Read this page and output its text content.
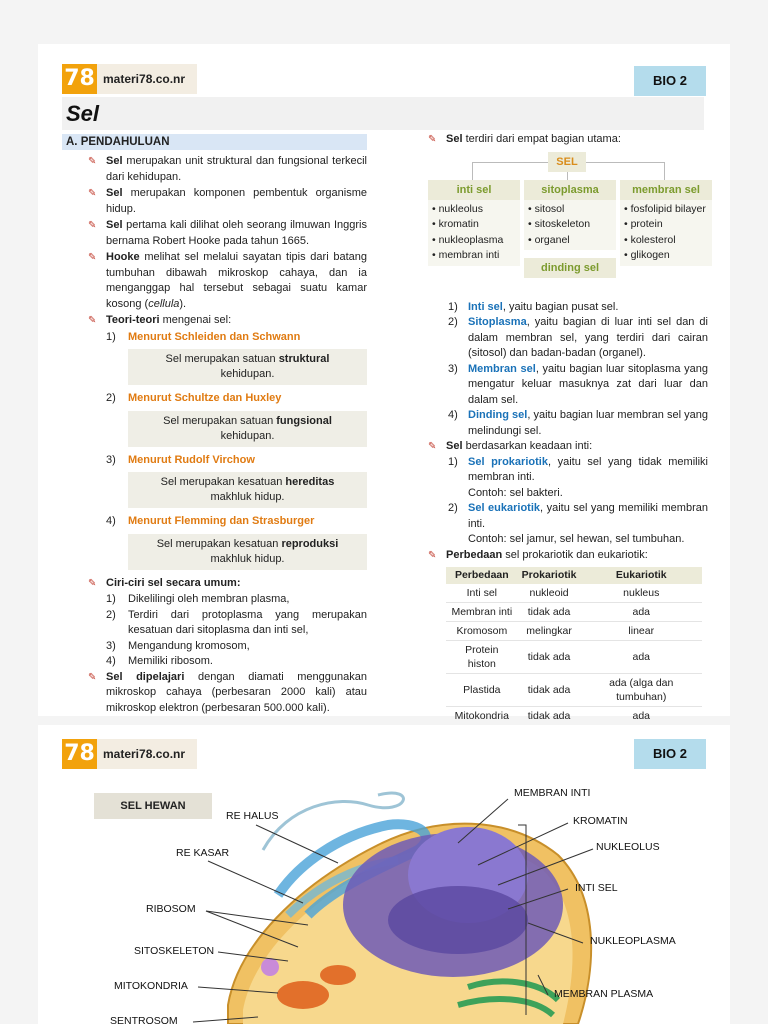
78 materi78.co.nr	BIO 2
Sel
A. PENDAHULUAN
✎ Sel merupakan unit struktural dan fungsional terkecil dari kehidupan.
✎ Sel merupakan komponen pembentuk organisme hidup.
✎ Sel pertama kali dilihat oleh seorang ilmuwan Inggris bernama Robert Hooke pada tahun 1665.
✎ Hooke melihat sel melalui sayatan tipis dari batang tumbuhan dibawah mikroskop cahaya, dan ia menganggap hal tersebut sebagai suatu kamar kosong (cellula).
✎ Teori-teori mengenai sel:
1) Menurut Schleiden dan Schwann
Sel merupakan satuan struktural
kehidupan.
2) Menurut Schultze dan Huxley
Sel merupakan satuan fungsional
kehidupan.
3) Menurut Rudolf Virchow
Sel merupakan kesatuan hereditas
makhluk hidup.
4) Menurut Flemming dan Strasburger
Sel merupakan kesatuan reproduksi
makhluk hidup.
✎ Ciri-ciri sel secara umum:
1) Dikelilingi oleh membran plasma,
2) Terdiri dari protoplasma yang merupakan kesatuan dari sitoplasma dan inti sel,
3) Mengandung kromosom,
4) Memiliki ribosom.
✎ Sel dipelajari dengan diamati menggunakan mikroskop cahaya (perbesaran 2000 kali) atau mikroskop elektron (perbesaran 500.000 kali).
✎ Sel terdiri dari empat bagian utama:
SEL
inti sel
• nukleolus
• kromatin
• nukleoplasma
• membran inti
sitoplasma
• sitosol
• sitoskeleton
• organel
dinding sel
membran sel
• fosfolipid bilayer
• protein
• kolesterol
• glikogen
1) Inti sel, yaitu bagian pusat sel.
2) Sitoplasma, yaitu bagian di luar inti sel dan di dalam membran sel, yang terdiri dari cairan (sitosol) dan badan-badan (organel).
3) Membran sel, yaitu bagian luar sitoplasma yang mengatur keluar masuknya zat dari luar dan dalam sel.
4) Dinding sel, yaitu bagian luar membran sel yang melindungi sel.
✎ Sel berdasarkan keadaan inti:
1) Sel prokariotik, yaitu sel yang tidak memiliki membran inti.
Contoh: sel bakteri.
2) Sel eukariotik, yaitu sel yang memiliki membran inti.
Contoh: sel jamur, sel hewan, sel tumbuhan.
✎ Perbedaan sel prokariotik dan eukariotik:
Perbedaan	Prokariotik	Eukariotik
Inti sel	nukleoid	nukleus
Membran inti	tidak ada	ada
Kromosom	melingkar	linear
Protein histon	tidak ada	ada
Plastida	tidak ada	ada (alga dan tumbuhan)
Mitokondria	tidak ada	ada
78 materi78.co.nr	BIO 2
SEL HEWAN
RE HALUS
RE KASAR
RIBOSOM
SITOSKELETON
MITOKONDRIA
SENTROSOM
MEMBRAN INTI
KROMATIN
NUKLEOLUS
INTI SEL
NUKLEOPLASMA
MEMBRAN PLASMA
